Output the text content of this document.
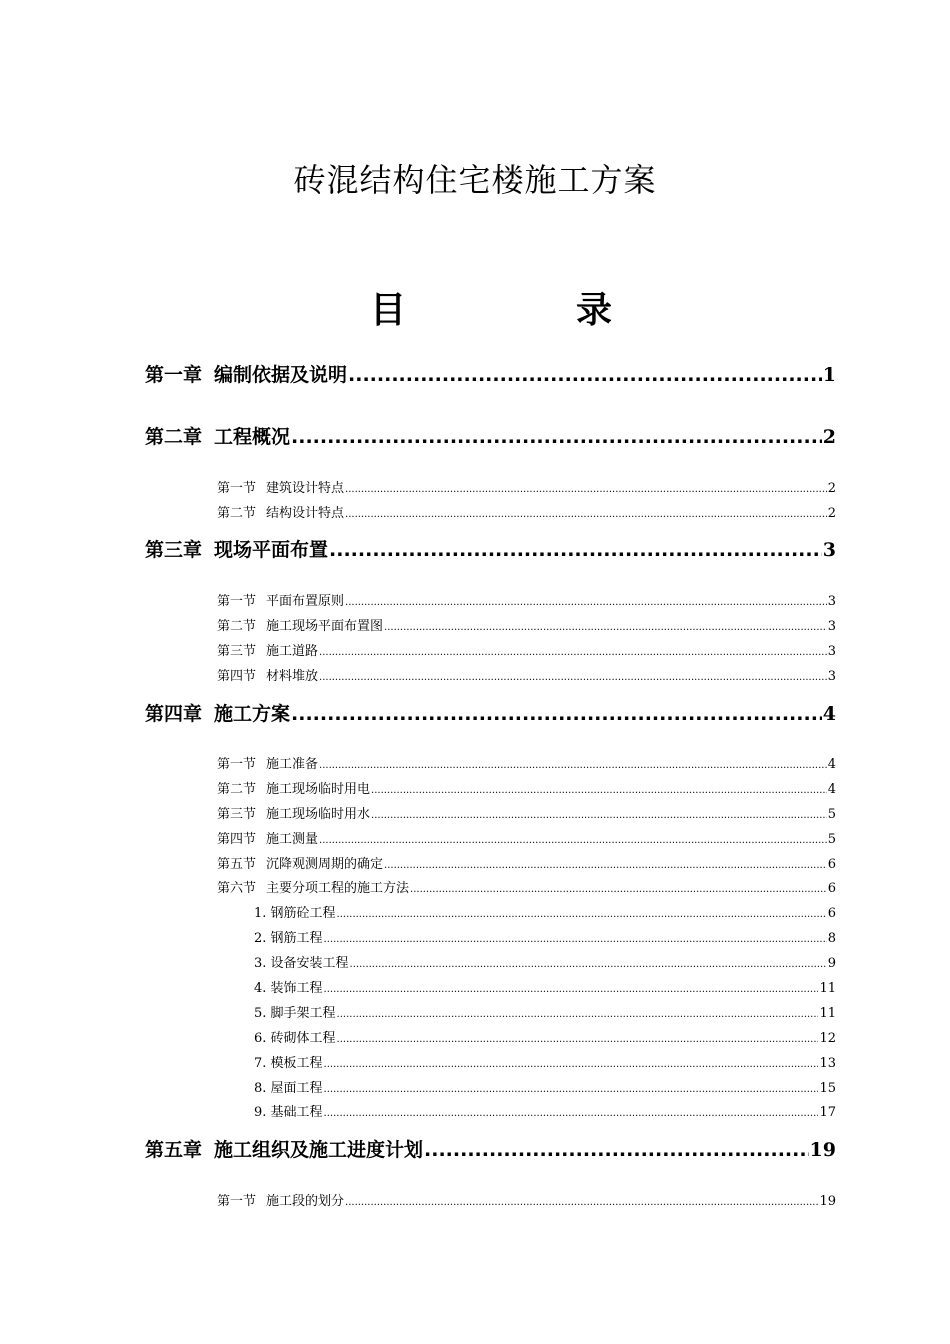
砖混结构住宅楼施工方案
目	录
第一章 编制依据及说明 .....	1
第二章 工程概况 .....	2
第一节 建筑设计特点 .....	2
第二节 结构设计特点 .....	2
第三章 现场平面布置 .....	3
第一节 平面布置原则 .....	3
第二节 施工现场平面布置图 .....	3
第三节 施工道路 .....	3
第四节 材料堆放 .....	3
第四章 施工方案 .....	4
第一节 施工准备 .....	4
第二节 施工现场临时用电 .....	4
第三节 施工现场临时用水 .....	5
第四节 施工测量 .....	5
第五节 沉降观测周期的确定 .....	6
第六节 主要分项工程的施工方法 .....	6
1. 钢筋砼工程 .....	6
2. 钢筋工程 .....	8
3. 设备安装工程 .....	9
4. 装饰工程 .....	11
5. 脚手架工程 .....	11
6. 砖砌体工程 .....	12
7. 模板工程 .....	13
8. 屋面工程 .....	15
9. 基础工程 .....	17
第五章 施工组织及施工进度计划 .....	19
第一节 施工段的划分 .....	19
